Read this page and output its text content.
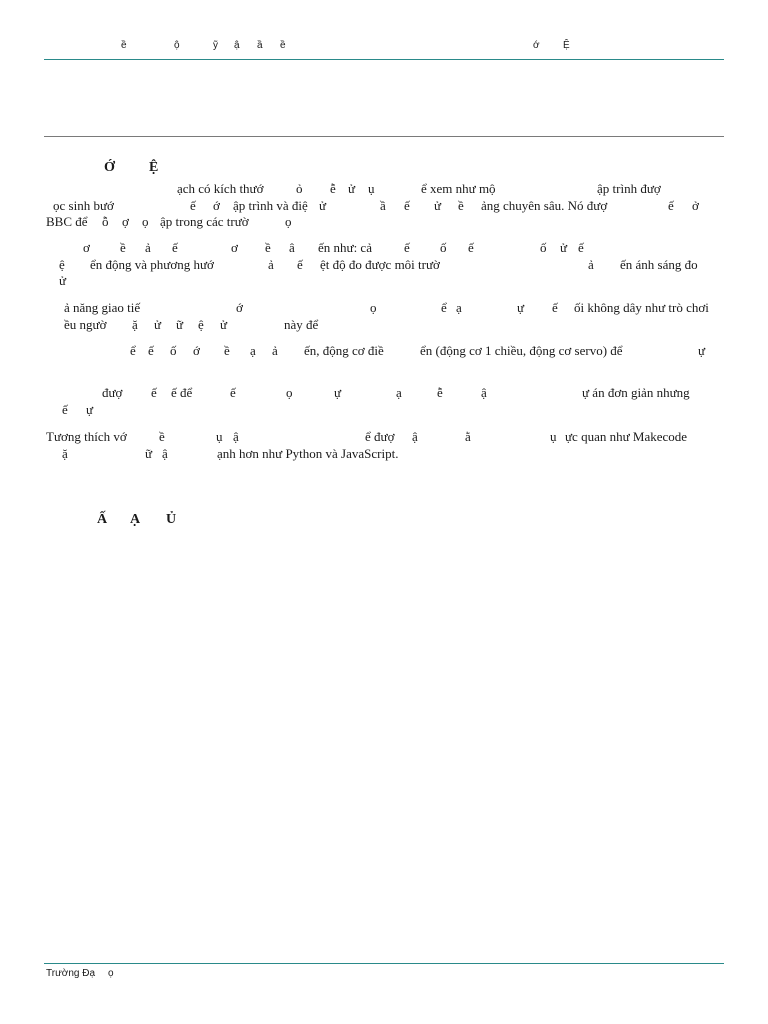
ề	ộ	ỹ ậ ầ ề	ớ Ệ
Ớ Ệ
ạch có kích thướ	ỏ ễ ử ụ	ể xem như mộ	ập trình đượ
ọc sinh bướ	ế ớ ập trình và điệ ử	ầ ế ử ề ảng chuyên sâu. Nó đượ	ế ở
BBC để ỗ ợ ọ ập trong các trườ	ọ
ơ ề ả ế	ơ ề â ến như: cả ế ố ế	ố ử ế
ệ ển động và phương hướ	ả ế ệt độ đo được môi trườ	ả ến ánh sáng đo
ử
ả năng giao tiế	ớ	ọ	ể ạ	ự ế ối không dây như trò chơi
ều ngườ ặ ử ữ ệ ử	này để
ể ế ố ớ ề ạ ả ến, động cơ điề	ển (động cơ 1 chiều, động cơ servo) để	ự
đượ ế ế để	ế	ọ	ự	ạ	ễ	ậ	ự án đơn giản nhưng
ế ự
Tương thích vớ ề	ụ ậ	ể đượ ậ	ằ	ụ ực quan như Makecode
ặ	ữ ậ	ạnh hơn như Python và JavaScript.
Ấ Ạ Ủ
Trường Đạ ọ
